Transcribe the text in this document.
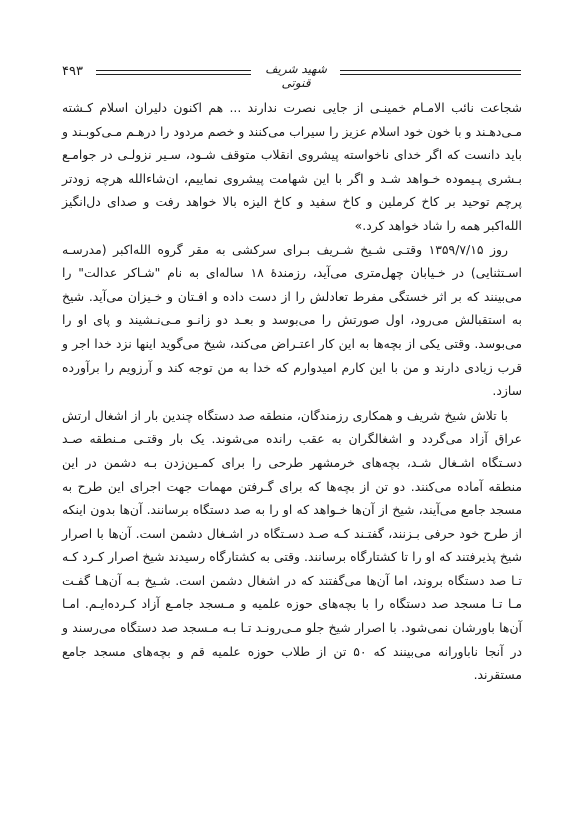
۴۹۳	شهید شریف قنوتی

شجاعت نائب الامـام خمینـی از جایی نصرت ندارند ... هم اکنون دلیران اسلام کـشته مـی‌دهـند و با خون خود اسلام عزیز را سیراب می‌کنند و خصم مردود را درهـم مـی‌کوبـند و باید دانست که اگر خدای ناخواسته پیشروی انقلاب متوقف شـود، سـیر نزولـی در جوامـع بـشری پـیموده خـواهد شـد و اگر با این شهامت پیشروی نماییم، ان‌شاءالله هرچه زودتر پرچم توحید بر کاخ کرملین و کاخ سفید و کاخ الیزه بالا خواهد رفت و صدای دل‌انگیز الله‌اکبر همه را شاد خواهد کرد.»

روز ۱۳۵۹/۷/۱۵ وقتـی شـیخ شـریف بـرای سرکشی به مقر گروه الله‌اکبر (مدرسـه اسـتثنایی) در خـیابان چهل‌متری می‌آید، رزمندهٔ ۱۸ ساله‌ای به نام "شـاکر عدالت" را می‌بینند که بر اثر خستگی مفرط تعادلش را از دست داده و افـتان و خـیزان می‌آید. شیخ به استقبالش می‌رود، اول صورتش را می‌بوسد و بعـد دو زانـو مـی‌نـشیند و پای او را می‌بوسد. وقتی یکی از بچه‌ها به این کار اعتـراض می‌کند، شیخ می‌گوید اینها نزد خدا اجر و قرب زیادی دارند و من با این کارم امیدوارم که خدا به من توجه کند و آرزویم را برآورده سازد.

با تلاش شیخ شریف و همکاری رزمندگان، منطقه صد دستگاه چندین بار از اشغال ارتش عراق آزاد می‌گردد و اشغالگران به عقب رانده می‌شوند. یک بار وقتـی مـنطقه صـد دسـتگاه اشـغال شـد، بچه‌های خرمشهر طرحی را برای کمـین‌زدن بـه دشمن در این منطقه آماده می‌کنند. دو تن از بچه‌ها که برای گـرفتن مهمات جهت اجرای این طرح به مسجد جامع می‌آیند، شیخ از آن‌ها خـواهد که او را به صد دستگاه برسانند. آن‌ها بدون اینکه از طرح خود حرفی بـزنند، گفتـند کـه صـد دسـتگاه در اشـغال دشمن است. آن‌ها با اصرار شیخ پذیرفتند که او را تا کشتارگاه برسانند. وقتی به کشتارگاه رسیدند شیخ اصرار کـرد کـه تـا صد دستگاه بروند، اما آن‌ها می‌گفتند که در اشغال دشمن است. شـیخ بـه آن‌هـا گفـت مـا تـا مسجد صد دستگاه را با بچه‌های حوزه علمیه و مـسجد جامـع آزاد کـرده‌ایـم. امـا آن‌ها باورشان نمی‌شود. با اصرار شیخ جلو مـی‌رونـد تـا بـه مـسجد صد دستگاه می‌رسند و در آنجا ناباورانه می‌بینند که ۵۰ تن از طلاب حوزه علمیه قم و بچه‌های مسجد جامع مستقرند.
